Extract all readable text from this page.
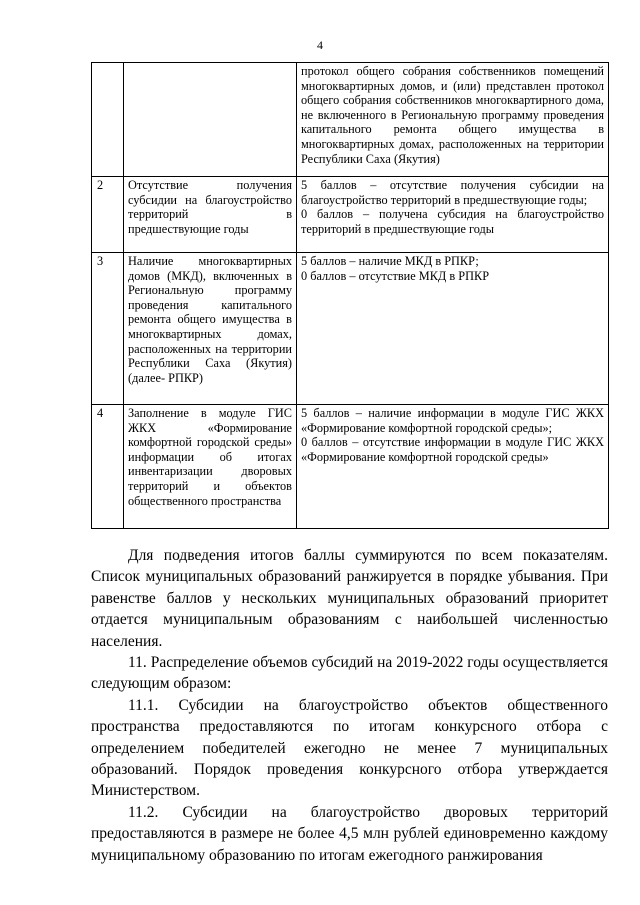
4
		протокол общего собрания собственников помещений многоквартирных домов, и (или) представлен протокол общего собрания собственников многоквартирного дома, не включенного в Региональную программу проведения капитального ремонта общего имущества в многоквартирных домах, расположенных на территории Республики Саха (Якутия)
2	Отсутствие получения субсидии на благоустройство территорий в предшествующие годы	5 баллов – отсутствие получения субсидии на благоустройство территорий в предшествующие годы;
0 баллов – получена субсидия на благоустройство территорий в предшествующие годы

3	Наличие многоквартирных домов (МКД), включенных в Региональную программу проведения капитального ремонта общего имущества в многоквартирных домах, расположенных на территории Республики Саха (Якутия) (далее- РПКР)	5 баллов – наличие МКД в РПКР;
0 баллов – отсутствие МКД в РПКР

4	Заполнение в модуле ГИС ЖКХ «Формирование комфортной городской среды» информации об итогах инвентаризации дворовых территорий и объектов общественного пространства	5 баллов – наличие информации в модуле ГИС ЖКХ «Формирование комфортной городской среды»;
0 баллов – отсутствие информации в модуле ГИС ЖКХ «Формирование комфортной городской среды»

Для подведения итогов баллы суммируются по всем показателям. Список муниципальных образований ранжируется в порядке убывания. При равенстве баллов у нескольких муниципальных образований приоритет отдается муниципальным образованиям с наибольшей численностью населения.

11. Распределение объемов субсидий на 2019-2022 годы осуществляется следующим образом:

11.1. Субсидии на благоустройство объектов общественного пространства предоставляются по итогам конкурсного отбора с определением победителей ежегодно не менее 7 муниципальных образований. Порядок проведения конкурсного отбора утверждается Министерством.

11.2. Субсидии на благоустройство дворовых территорий предоставляются в размере не более 4,5 млн рублей единовременно каждому муниципальному образованию по итогам ежегодного ранжирования
